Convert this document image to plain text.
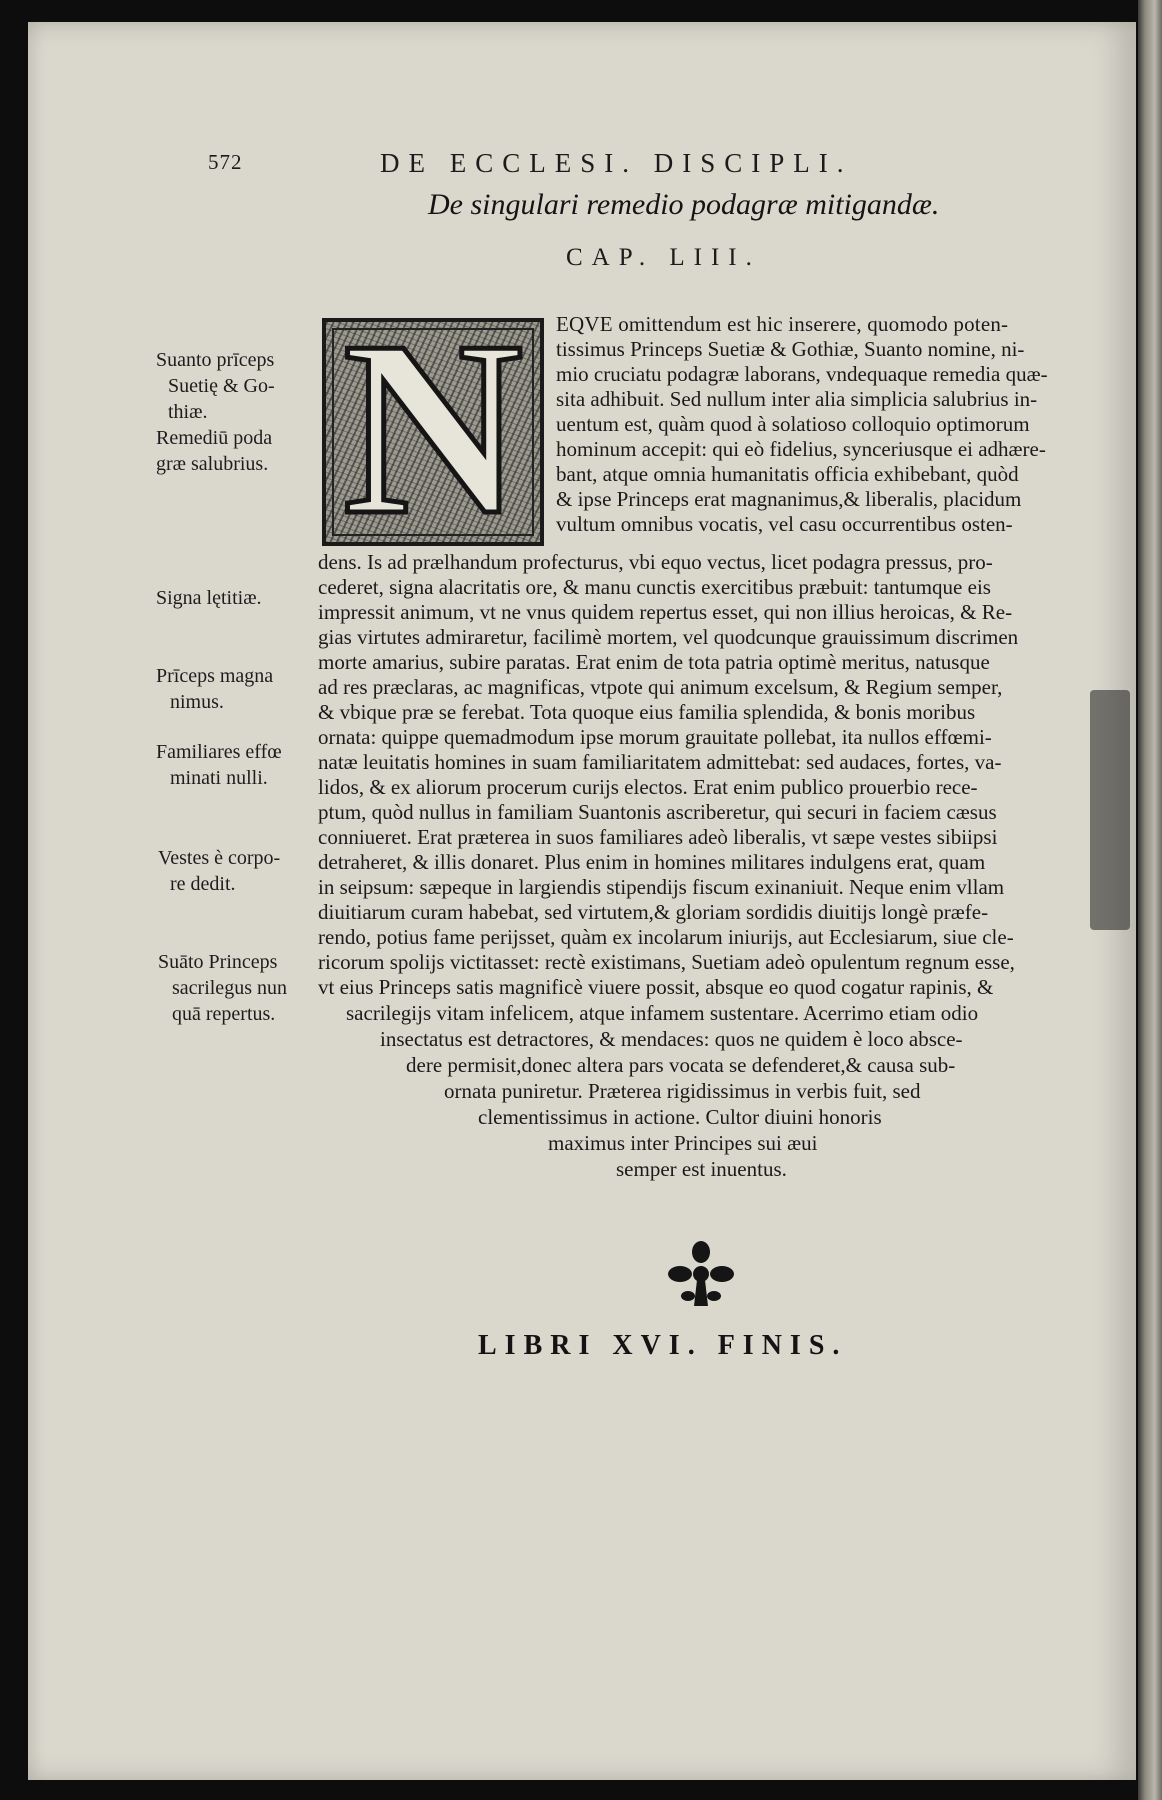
572	DE ECCLESI. DISCIPLI.
De singulari remedio podagræ mitigandæ.
CAP. LIII.
N	EQVE omittendum est hic inserere, quomodo poten-
tissimus Princeps Suetiæ & Gothiæ, Suanto nomine, ni-
mio cruciatu podagræ laborans, vndequaque remedia quæ-
sita adhibuit. Sed nullum inter alia simplicia salubrius in-
uentum est, quàm quod à solatioso colloquio optimorum
hominum accepit: qui eò fidelius, synceriusque ei adhære-
bant, atque omnia humanitatis officia exhibebant, quòd
& ipse Princeps erat magnanimus,& liberalis, placidum
vultum omnibus vocatis, vel casu occurrentibus osten-
dens. Is ad prælhandum profecturus, vbi equo vectus, licet podagra pressus, pro-
cederet, signa alacritatis ore, & manu cunctis exercitibus præbuit: tantumque eis
impressit animum, vt ne vnus quidem repertus esset, qui non illius heroicas, & Re-
gias virtutes admiraretur, facilimè mortem, vel quodcunque grauissimum discrimen
morte amarius, subire paratas. Erat enim de tota patria optimè meritus, natusque
ad res præclaras, ac magnificas, vtpote qui animum excelsum, & Regium semper,
& vbique præ se ferebat. Tota quoque eius familia splendida, & bonis moribus
ornata: quippe quemadmodum ipse morum grauitate pollebat, ita nullos effœmi-
natæ leuitatis homines in suam familiaritatem admittebat: sed audaces, fortes, va-
lidos, & ex aliorum procerum curijs electos. Erat enim publico prouerbio rece-
ptum, quòd nullus in familiam Suantonis ascriberetur, qui securi in faciem cæsus
conniueret. Erat præterea in suos familiares adeò liberalis, vt sæpe vestes sibiipsi
detraheret, & illis donaret. Plus enim in homines militares indulgens erat, quam
in seipsum: sæpeque in largiendis stipendijs fiscum exinaniuit. Neque enim vllam
diuitiarum curam habebat, sed virtutem,& gloriam sordidis diuitijs longè præfe-
rendo, potius fame perijsset, quàm ex incolarum iniurijs, aut Ecclesiarum, siue cle-
ricorum spolijs victitasset: rectè existimans, Suetiam adeò opulentum regnum esse,
vt eius Princeps satis magnificè viuere possit, absque eo quod cogatur rapinis, &
sacrilegijs vitam infelicem, atque infamem sustentare. Acerrimo etiam odio
insectatus est detractores, & mendaces: quos ne quidem è loco absce-
dere permisit,donec altera pars vocata se defenderet,& causa sub-
ornata puniretur. Præterea rigidissimus in verbis fuit, sed
clementissimus in actione. Cultor diuini honoris
maximus inter Principes sui æui
semper est inuentus.
Suanto prīceps
Suetię & Go-
thiæ.
Remediū poda
græ salubrius.
Signa lętitiæ.
Prīceps magna
nimus.
Familiares effœ
minati nulli.
Vestes è corpo-
re dedit.
Suāto Princeps
sacrilegus nun
quā repertus.
LIBRI XVI. FINIS.
